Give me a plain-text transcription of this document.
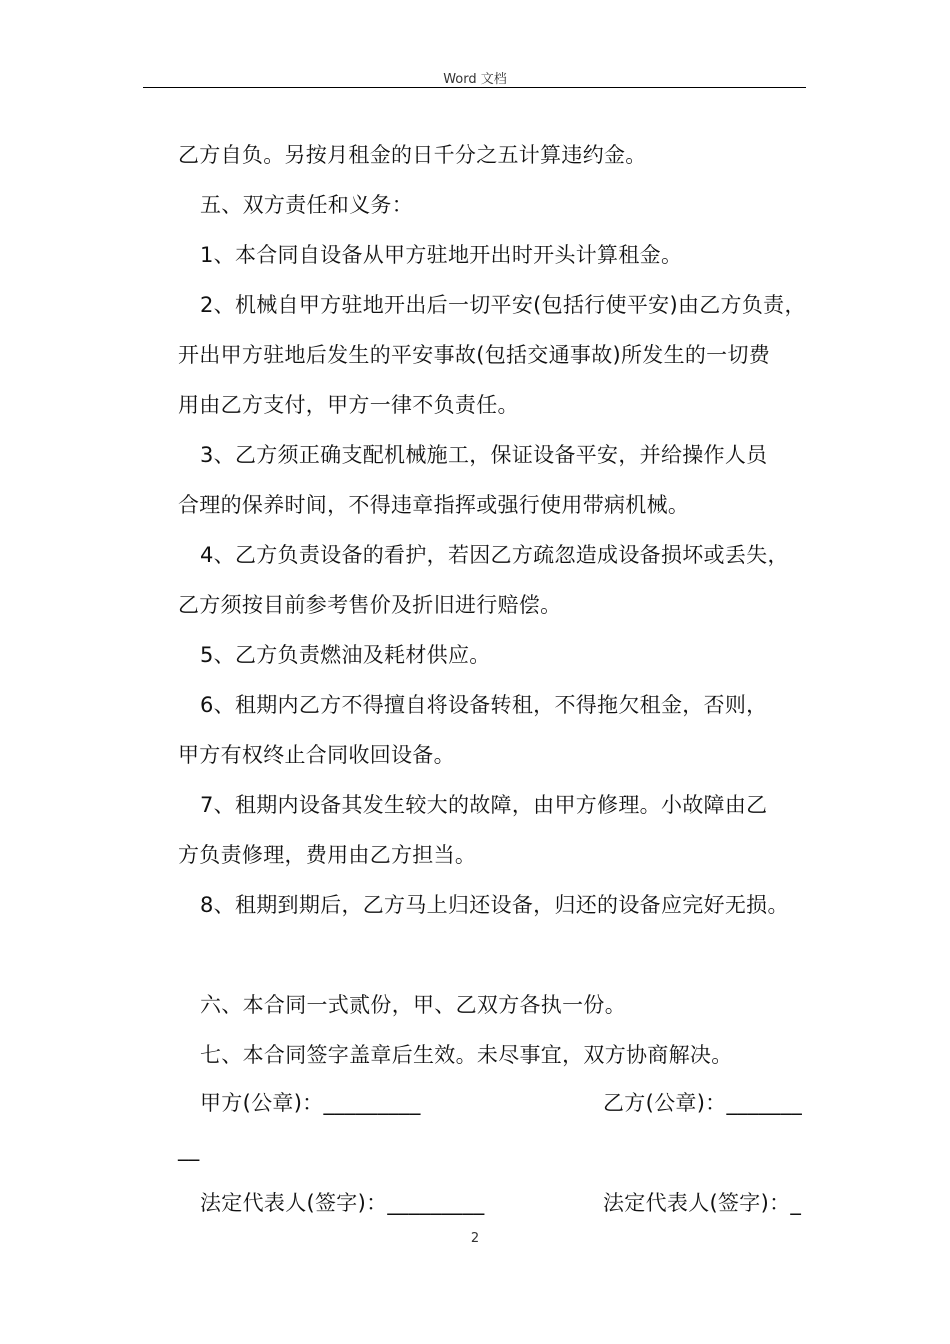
Word 文档
乙方自负。另按月租金的日千分之五计算违约金。
五、双方责任和义务：
1、本合同自设备从甲方驻地开出时开头计算租金。
2、机械自甲方驻地开出后一切平安(包括行使平安)由乙方负责，
开出甲方驻地后发生的平安事故(包括交通事故)所发生的一切费
用由乙方支付，甲方一律不负责任。
3、乙方须正确支配机械施工，保证设备平安，并给操作人员
合理的保养时间，不得违章指挥或强行使用带病机械。
4、乙方负责设备的看护，若因乙方疏忽造成设备损坏或丢失，
乙方须按目前参考售价及折旧进行赔偿。
5、乙方负责燃油及耗材供应。
6、租期内乙方不得擅自将设备转租，不得拖欠租金，否则，
甲方有权终止合同收回设备。
7、租期内设备其发生较大的故障，由甲方修理。小故障由乙
方负责修理，费用由乙方担当。
8、租期到期后，乙方马上归还设备，归还的设备应完好无损。
六、本合同一式贰份，甲、乙双方各执一份。
七、本合同签字盖章后生效。未尽事宜，双方协商解决。
甲方(公章)：_________	乙方(公章)：_______
__
法定代表人(签字)：_________	法定代表人(签字)：_
2
